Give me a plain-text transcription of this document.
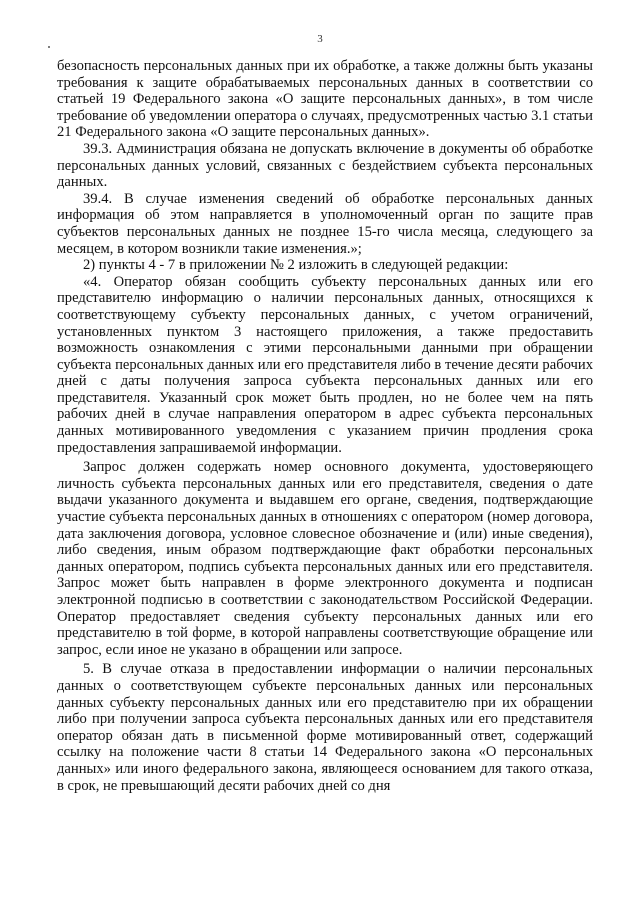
3

безопасность персональных данных при их обработке, а также должны быть указаны требования к защите обрабатываемых персональных данных в соответствии со статьей 19 Федерального закона «О защите персональных данных», в том числе требование об уведомлении оператора о случаях, предусмотренных частью 3.1 статьи 21 Федерального закона «О защите персональных данных».

39.3. Администрация обязана не допускать включение в документы об обработке персональных данных условий, связанных с бездействием субъекта персональных данных.

39.4. В случае изменения сведений об обработке персональных данных информация об этом направляется в уполномоченный орган по защите прав субъектов персональных данных не позднее 15-го числа месяца, следующего за месяцем, в котором возникли такие изменения.»;

2) пункты 4 - 7 в приложении № 2 изложить в следующей редакции:

«4. Оператор обязан сообщить субъекту персональных данных или его представителю информацию о наличии персональных данных, относящихся к соответствующему субъекту персональных данных, с учетом ограничений, установленных пунктом 3 настоящего приложения, а также предоставить возможность ознакомления с этими персональными данными при обращении субъекта персональных данных или его представителя либо в течение десяти рабочих дней с даты получения запроса субъекта персональных данных или его представителя. Указанный срок может быть продлен, но не более чем на пять рабочих дней в случае направления оператором в адрес субъекта персональных данных мотивированного уведомления с указанием причин продления срока предоставления запрашиваемой информации.

Запрос должен содержать номер основного документа, удостоверяющего личность субъекта персональных данных или его представителя, сведения о дате выдачи указанного документа и выдавшем его органе, сведения, подтверждающие участие субъекта персональных данных в отношениях с оператором (номер договора, дата заключения договора, условное словесное обозначение и (или) иные сведения), либо сведения, иным образом подтверждающие факт обработки персональных данных оператором, подпись субъекта персональных данных или его представителя. Запрос может быть направлен в форме электронного документа и подписан электронной подписью в соответствии с законодательством Российской Федерации. Оператор предоставляет сведения субъекту персональных данных или его представителю в той форме, в которой направлены соответствующие обращение или запрос, если иное не указано в обращении или запросе.

5. В случае отказа в предоставлении информации о наличии персональных данных о соответствующем субъекте персональных данных или персональных данных субъекту персональных данных или его представителю при их обращении либо при получении запроса субъекта персональных данных или его представителя оператор обязан дать в письменной форме мотивированный ответ, содержащий ссылку на положение части 8 статьи 14 Федерального закона «О персональных данных» или иного федерального закона, являющееся основанием для такого отказа, в срок, не превышающий десяти рабочих дней со дня
